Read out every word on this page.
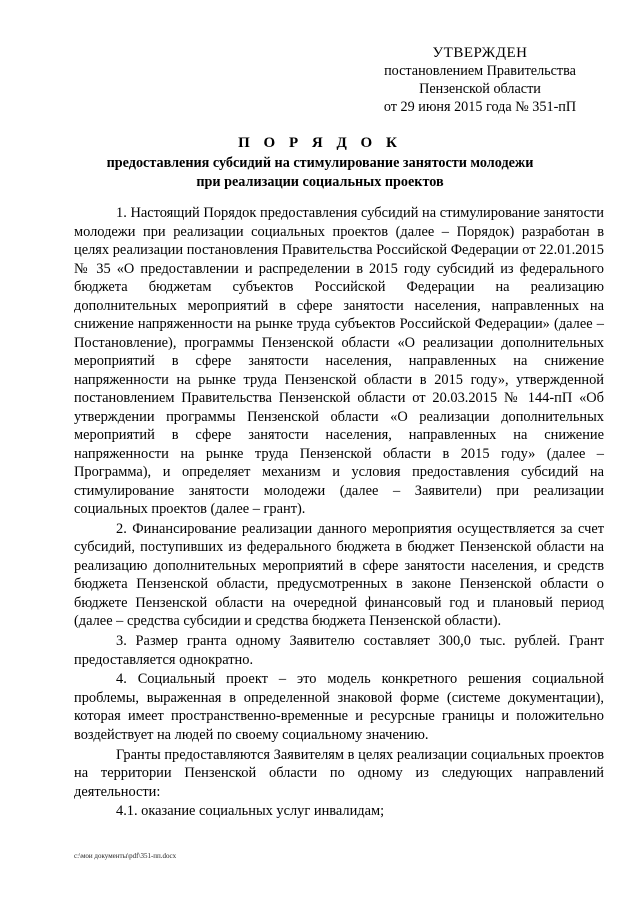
УТВЕРЖДЕН
постановлением Правительства
Пензенской области
от 29 июня 2015 года № 351-пП
П О Р Я Д О К
предоставления субсидий на стимулирование занятости молодежи
при реализации социальных проектов

1. Настоящий Порядок предоставления субсидий на стимулирование занятости молодежи при реализации социальных проектов (далее – Порядок) разработан в целях реализации постановления Правительства Российской Федерации от 22.01.2015 № 35 «О предоставлении и распределении в 2015 году субсидий из федерального бюджета бюджетам субъектов Российской Федерации на реализацию дополнительных мероприятий в сфере занятости населения, направленных на снижение напряженности на рынке труда субъектов Российской Федерации» (далее – Постановление), программы Пензенской области «О реализации дополнительных мероприятий в сфере занятости населения, направленных на снижение напряженности на рынке труда Пензенской области в 2015 году», утвержденной постановлением Правительства Пензенской области от 20.03.2015 № 144-пП «Об утверждении программы Пензенской области «О реализации дополнительных мероприятий в сфере занятости населения, направленных на снижение напряженности на рынке труда Пензенской области в 2015 году» (далее – Программа), и определяет механизм и условия предоставления субсидий на стимулирование занятости молодежи (далее – Заявители) при реализации социальных проектов (далее – грант).

2. Финансирование реализации данного мероприятия осуществляется за счет субсидий, поступивших из федерального бюджета в бюджет Пензенской области на реализацию дополнительных мероприятий в сфере занятости населения, и средств бюджета Пензенской области, предусмотренных в законе Пензенской области о бюджете Пензенской области на очередной финансовый год и плановый период (далее – средства субсидии и средства бюджета Пензенской области).

3. Размер гранта одному Заявителю составляет 300,0 тыс. рублей. Грант предоставляется однократно.

4. Социальный проект – это модель конкретного решения социальной проблемы, выраженная в определенной знаковой форме (системе документации), которая имеет пространственно-временные и ресурсные границы и положительно воздействует на людей по своему социальному значению.

Гранты предоставляются Заявителям в целях реализации социальных проектов на территории Пензенской области по одному из следующих направлений деятельности:

4.1. оказание социальных услуг инвалидам;

c:\мои документы\pdf\351-пп.docx
